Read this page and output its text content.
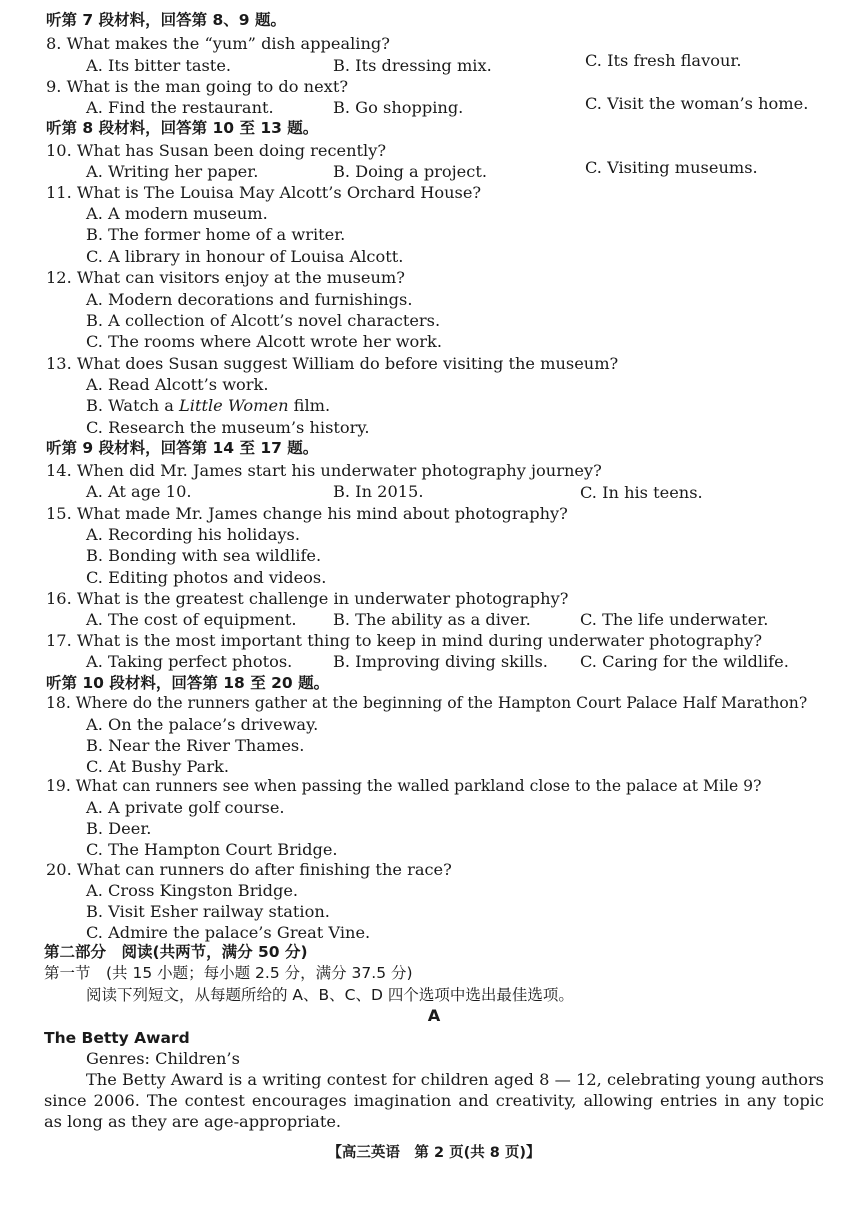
听第 7 段材料，回答第 8、9 题。
8. What makes the “yum” dish appealing?
A. Its bitter taste.	B. Its dressing mix.	C. Its fresh flavour.
9. What is the man going to do next?
A. Find the restaurant.	B. Go shopping.	C. Visit the woman’s home.
听第 8 段材料，回答第 10 至 13 题。
10. What has Susan been doing recently?
A. Writing her paper.	B. Doing a project.	C. Visiting museums.
11. What is The Louisa May Alcott’s Orchard House?
A. A modern museum.
B. The former home of a writer.
C. A library in honour of Louisa Alcott.
12. What can visitors enjoy at the museum?
A. Modern decorations and furnishings.
B. A collection of Alcott’s novel characters.
C. The rooms where Alcott wrote her work.
13. What does Susan suggest William do before visiting the museum?
A. Read Alcott’s work.
B. Watch a Little Women film.
C. Research the museum’s history.
听第 9 段材料，回答第 14 至 17 题。
14. When did Mr. James start his underwater photography journey?
A. At age 10.	B. In 2015.	C. In his teens.
15. What made Mr. James change his mind about photography?
A. Recording his holidays.
B. Bonding with sea wildlife.
C. Editing photos and videos.
16. What is the greatest challenge in underwater photography?
A. The cost of equipment. B. The ability as a diver.	C. The life underwater.
17. What is the most important thing to keep in mind during underwater photography?
A. Taking perfect photos.	B. Improving diving skills. C. Caring for the wildlife.
听第 10 段材料，回答第 18 至 20 题。
18. Where do the runners gather at the beginning of the Hampton Court Palace Half Marathon?
A. On the palace’s driveway.
B. Near the River Thames.
C. At Bushy Park.
19. What can runners see when passing the walled parkland close to the palace at Mile 9?
A. A private golf course.
B. Deer.
C. The Hampton Court Bridge.
20. What can runners do after finishing the race?
A. Cross Kingston Bridge.
B. Visit Esher railway station.
C. Admire the palace’s Great Vine.
第二部分　阅读(共两节，满分 50 分)
第一节　(共 15 小题；每小题 2.5 分，满分 37.5 分)
阅读下列短文，从每题所给的 A、B、C、D 四个选项中选出最佳选项。
A
The Betty Award
Genres: Children’s
The Betty Award is a writing contest for children aged 8 — 12, celebrating young authors since 2006. The contest encourages imagination and creativity, allowing entries in any topic as long as they are age-appropriate.
【高三英语　第 2 页(共 8 页)】
